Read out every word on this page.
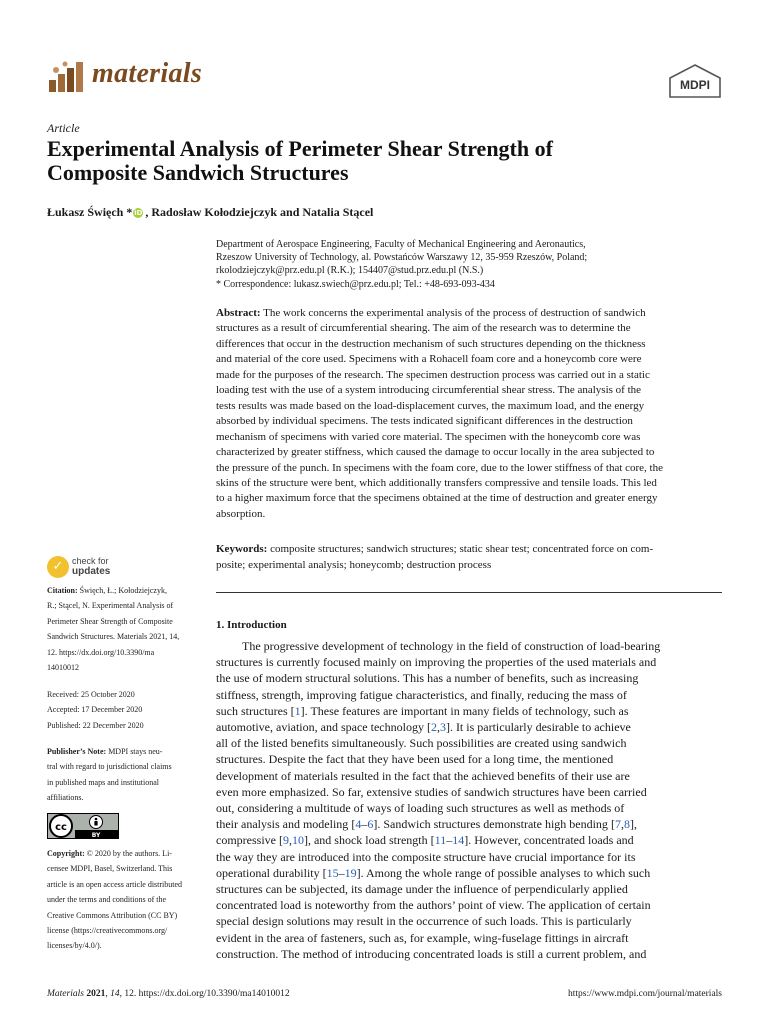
materials	MDPI
Article
Experimental Analysis of Perimeter Shear Strength of
Composite Sandwich Structures
Łukasz Święch * iD , Radosław Kołodziejczyk and Natalia Stącel
Department of Aerospace Engineering, Faculty of Mechanical Engineering and Aeronautics,
Rzeszow University of Technology, al. Powstańców Warszawy 12, 35-959 Rzeszów, Poland;
rkolodziejczyk@prz.edu.pl (R.K.); 154407@stud.prz.edu.pl (N.S.)
* Correspondence: lukasz.swiech@prz.edu.pl; Tel.: +48-693-093-434
Abstract: The work concerns the experimental analysis of the process of destruction of sandwich
structures as a result of circumferential shearing. The aim of the research was to determine the
differences that occur in the destruction mechanism of such structures depending on the thickness
and material of the core used. Specimens with a Rohacell foam core and a honeycomb core were
made for the purposes of the research. The specimen destruction process was carried out in a static
loading test with the use of a system introducing circumferential shear stress. The analysis of the
tests results was made based on the load-displacement curves, the maximum load, and the energy
absorbed by individual specimens. The tests indicated significant differences in the destruction
mechanism of specimens with varied core material. The specimen with the honeycomb core was
characterized by greater stiffness, which caused the damage to occur locally in the area subjected to
the pressure of the punch. In specimens with the foam core, due to the lower stiffness of that core, the
skins of the structure were bent, which additionally transfers compressive and tensile loads. This led
to a higher maximum force that the specimens obtained at the time of destruction and greater energy
absorption.
Keywords: composite structures; sandwich structures; static shear test; concentrated force on com-
posite; experimental analysis; honeycomb; destruction process
✓ check for
updates
Citation: Święch, Ł.; Kołodziejczyk,
R.; Stącel, N. Experimental Analysis of
Perimeter Shear Strength of Composite
Sandwich Structures. Materials 2021, 14,
12. https://dx.doi.org/10.3390/ma
14010012
Received: 25 October 2020
Accepted: 17 December 2020
Published: 22 December 2020
Publisher’s Note: MDPI stays neu-
tral with regard to jurisdictional claims
in published maps and institutional
affiliations.
cc
BY
Copyright: © 2020 by the authors. Li-
censee MDPI, Basel, Switzerland. This
article is an open access article distributed
under the terms and conditions of the
Creative Commons Attribution (CC BY)
license (https://creativecommons.org/
licenses/by/4.0/).
1. Introduction
The progressive development of technology in the field of construction of load-bearing
structures is currently focused mainly on improving the properties of the used materials and
the use of modern structural solutions. This has a number of benefits, such as increasing
stiffness, strength, improving fatigue characteristics, and finally, reducing the mass of
such structures [1]. These features are important in many fields of technology, such as
automotive, aviation, and space technology [2,3]. It is particularly desirable to achieve
all of the listed benefits simultaneously. Such possibilities are created using sandwich
structures. Despite the fact that they have been used for a long time, the mentioned
development of materials resulted in the fact that the achieved benefits of their use are
even more emphasized. So far, extensive studies of sandwich structures have been carried
out, considering a multitude of ways of loading such structures as well as methods of
their analysis and modeling [4–6]. Sandwich structures demonstrate high bending [7,8],
compressive [9,10], and shock load strength [11–14]. However, concentrated loads and
the way they are introduced into the composite structure have crucial importance for its
operational durability [15–19]. Among the whole range of possible analyses to which such
structures can be subjected, its damage under the influence of perpendicularly applied
concentrated load is noteworthy from the authors’ point of view. The application of certain
special design solutions may result in the occurrence of such loads. This is particularly
evident in the area of fasteners, such as, for example, wing-fuselage fittings in aircraft
construction. The method of introducing concentrated loads is still a current problem, and
Materials 2021, 14, 12. https://dx.doi.org/10.3390/ma14010012	https://www.mdpi.com/journal/materials
